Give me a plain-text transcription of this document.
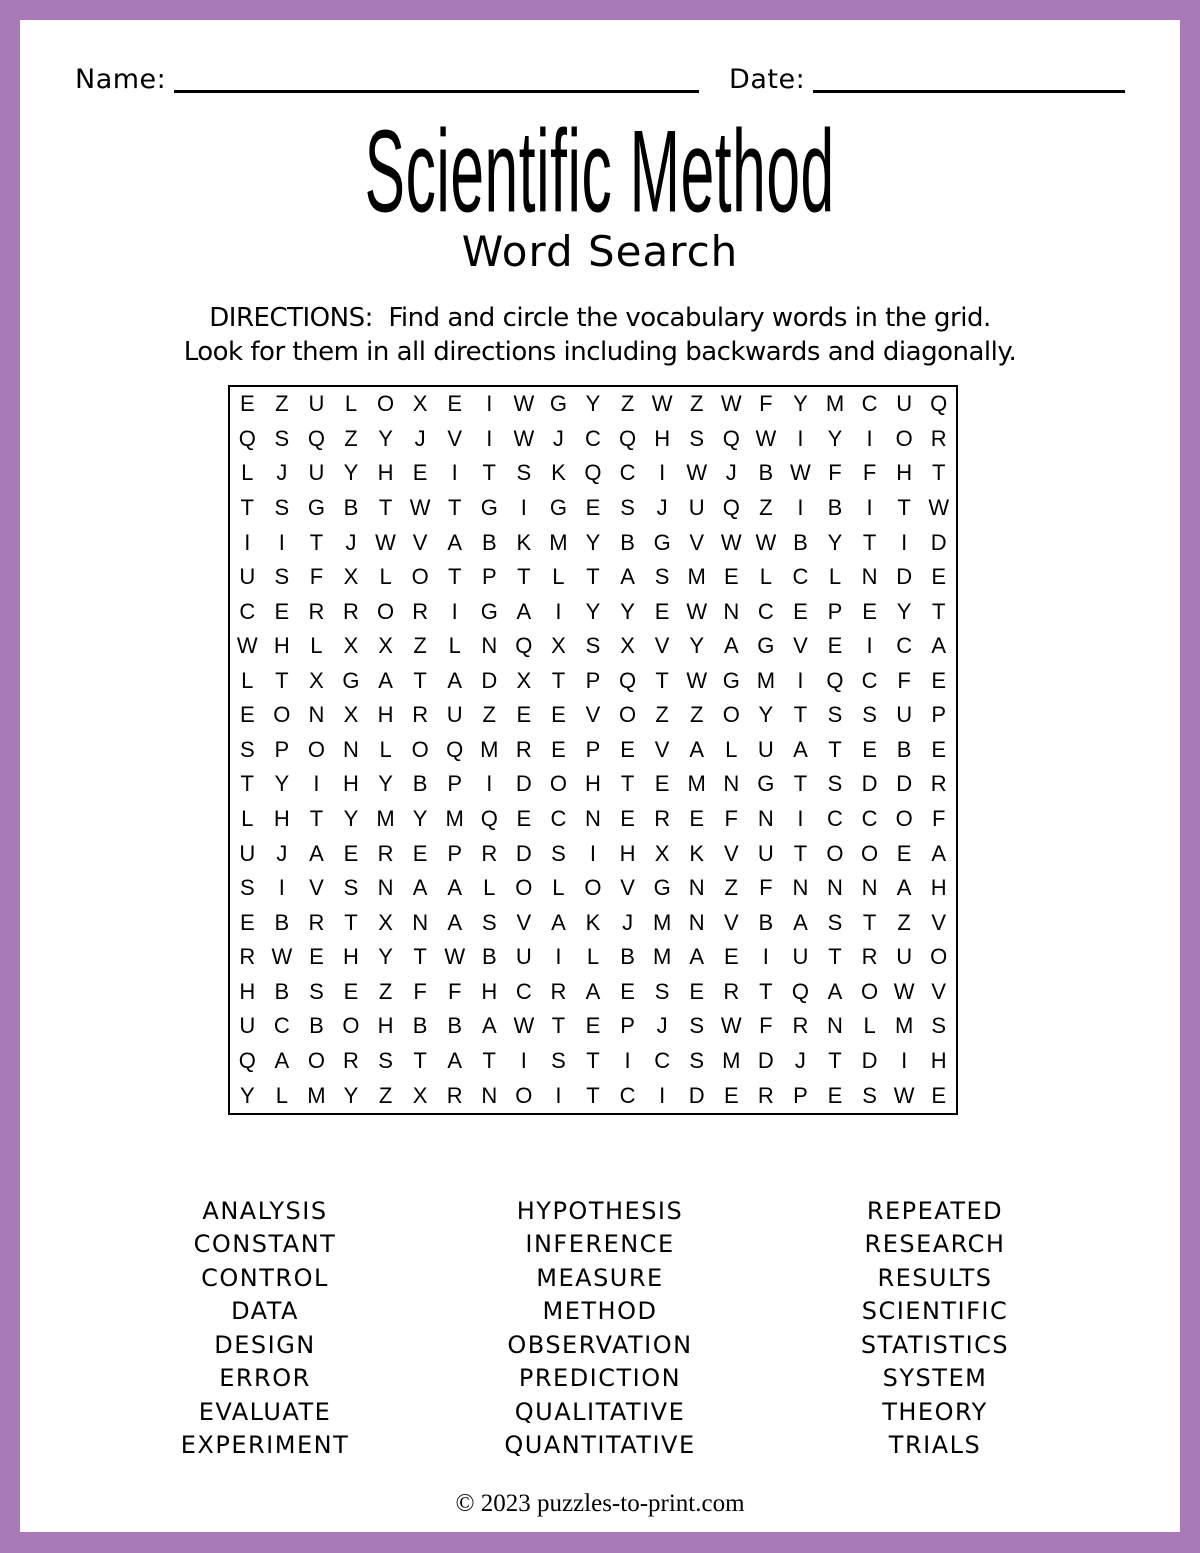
Name:	Date:
Scientific Method
Word Search
DIRECTIONS:  Find and circle the vocabulary words in the grid.
Look for them in all directions including backwards and diagonally.
E Z U L O X E	I W G Y Z W Z W F Y M C U Q
Q S Q Z Y J V	I W J C Q H S Q W I	Y	I	O R
L	J U Y H E	I	T S K Q C	I W J B W F F H T
T S G B T W T G	I	G E S J U Q Z	I	B	I	T W
I	I	T	J W V A B K M Y B G V W W B Y T	I	D
U S F X L O T P T L T A S M E L C L N D E
C E R R O R	I	G A	I	Y Y E W N C E P E Y T
W H L X X Z L N Q X S X V Y A G V E	I	C A
L T X G A T A D X T P Q T W G M	I	Q C F E
E O N X H R U Z E E V O Z Z O Y T S S U P
S P O N L O Q M R E P E V A L U A T E B E
T Y	I	H Y B P	I	D O H T E M N G T S D D R
L H T Y M Y M Q E C N E R E F N	I	C C O F
U J A E R E P R D S	I	H X K V U T O O E A
S	I	V S N A A L O L O V G N Z F N N N A H
E B R T X N A S V A K J M N V B A S T Z V
R W E H Y T W B U	I	L B M A E	I	U T R U O
H B S E Z F F H C R A E S E R T Q A O W V
U C B O H B B A W T E P J S W F R N L M S
Q A O R S T A T	I	S T	I	C S M D J	T D	I	H
Y L M Y Z X R N O	I	T C	I	D E R P E S W E
ANALYSIS
CONSTANT
CONTROL
DATA
DESIGN
ERROR
EVALUATE
EXPERIMENT
HYPOTHESIS
INFERENCE
MEASURE
METHOD
OBSERVATION
PREDICTION
QUALITATIVE
QUANTITATIVE
REPEATED
RESEARCH
RESULTS
SCIENTIFIC
STATISTICS
SYSTEM
THEORY
TRIALS
© 2023 puzzles-to-print.com
